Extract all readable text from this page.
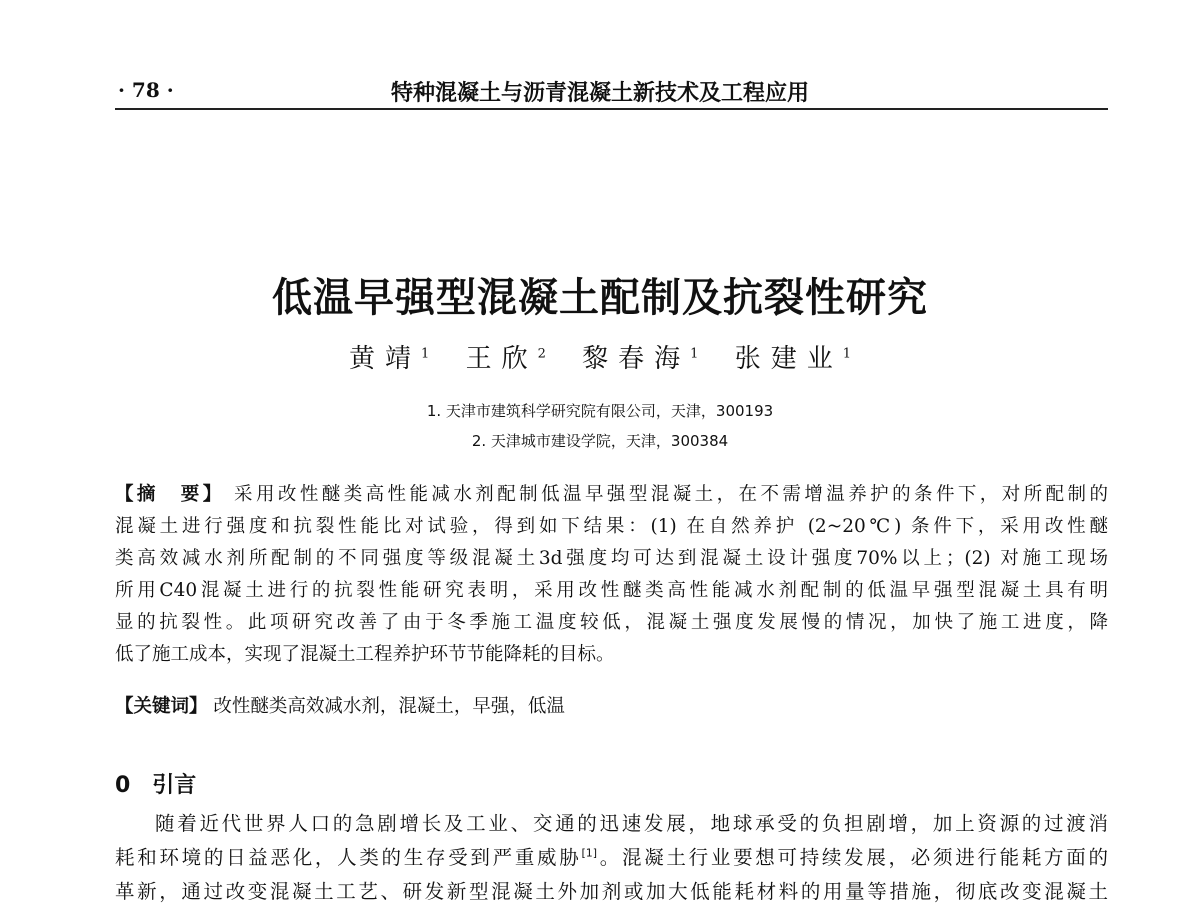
· 78 ·	特种混凝土与沥青混凝土新技术及工程应用
低温早强型混凝土配制及抗裂性研究
黄靖$^1$ 王欣$^2$ 黎春海$^1$ 张建业$^1$
1. 天津市建筑科学研究院有限公司，天津，300193
2. 天津城市建设学院，天津，300384
【摘　要】 采用改性醚类高性能减水剂配制低温早强型混凝土，在不需增温养护的条件下，对所配制的
混凝土进行强度和抗裂性能比对试验，得到如下结果：(1) 在自然养护 (2~20℃) 条件下，采用改性醚
类高效减水剂所配制的不同强度等级混凝土3d强度均可达到混凝土设计强度70%以上；(2) 对施工现场
所用C40混凝土进行的抗裂性能研究表明，采用改性醚类高性能减水剂配制的低温早强型混凝土具有明
显的抗裂性。此项研究改善了由于冬季施工温度较低，混凝土强度发展慢的情况，加快了施工进度，降
低了施工成本，实现了混凝土工程养护环节节能降耗的目标。
【关键词】 改性醚类高效减水剂，混凝土，早强，低温
0　引言
随着近代世界人口的急剧增长及工业、交通的迅速发展，地球承受的负担剧增，加上资源的过渡消
耗和环境的日益恶化，人类的生存受到严重威胁[1]。混凝土行业要想可持续发展，必须进行能耗方面的
革新，通过改变混凝土工艺、研发新型混凝土外加剂或加大低能耗材料的用量等措施，彻底改变混凝土
